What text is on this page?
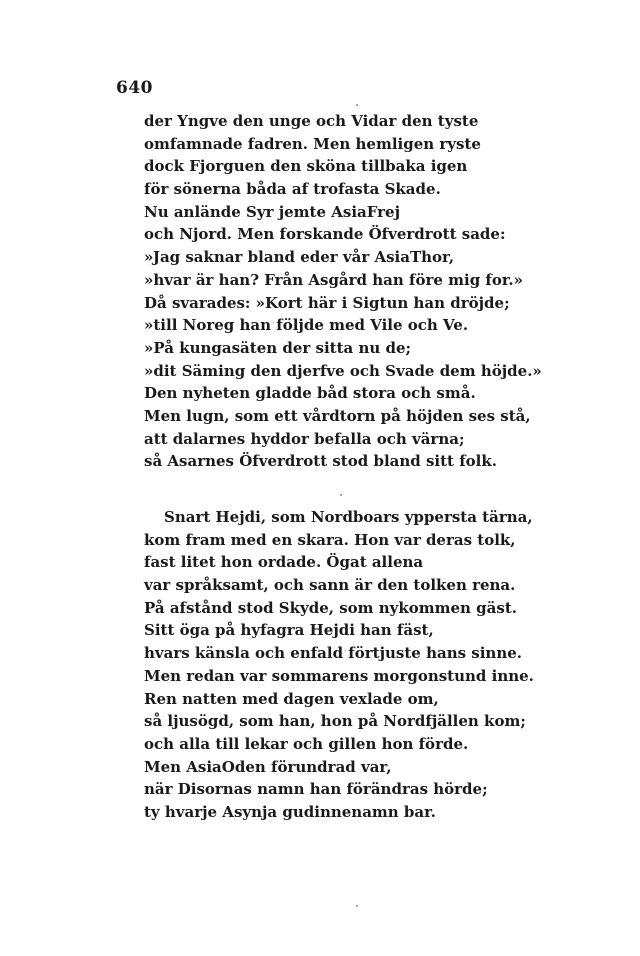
640
der Yngve den unge och Vidar den tyste
omfamnade fadren. Men hemligen ryste
dock Fjorguen den sköna tillbaka igen
för sönerna båda af trofasta Skade.
Nu anlände Syr jemte AsiaFrej
och Njord. Men forskande Öfverdrott sade:
»Jag saknar bland eder vår AsiaThor,
»hvar är han? Från Asgård han före mig for.»
Då svarades: »Kort här i Sigtun han dröjde;
»till Noreg han följde med Vile och Ve.
»På kungasäten der sitta nu de;
»dit Säming den djerfve och Svade dem höjde.»
Den nyheten gladde båd stora och små.
Men lugn, som ett vårdtorn på höjden ses stå,
att dalarnes hyddor befalla och värna;
så Asarnes Öfverdrott stod bland sitt folk.
Snart Hejdi, som Nordboars yppersta tärna,
kom fram med en skara. Hon var deras tolk,
fast litet hon ordade. Ögat allena
var språksamt, och sann är den tolken rena.
På afstånd stod Skyde, som nykommen gäst.
Sitt öga på hyfagra Hejdi han fäst,
hvars känsla och enfald förtjuste hans sinne.
Men redan var sommarens morgonstund inne.
Ren natten med dagen vexlade om,
så ljusögd, som han, hon på Nordfjällen kom;
och alla till lekar och gillen hon förde.
Men AsiaOden förundrad var,
när Disornas namn han förändras hörde;
ty hvarje Asynja gudinnenamn bar.
